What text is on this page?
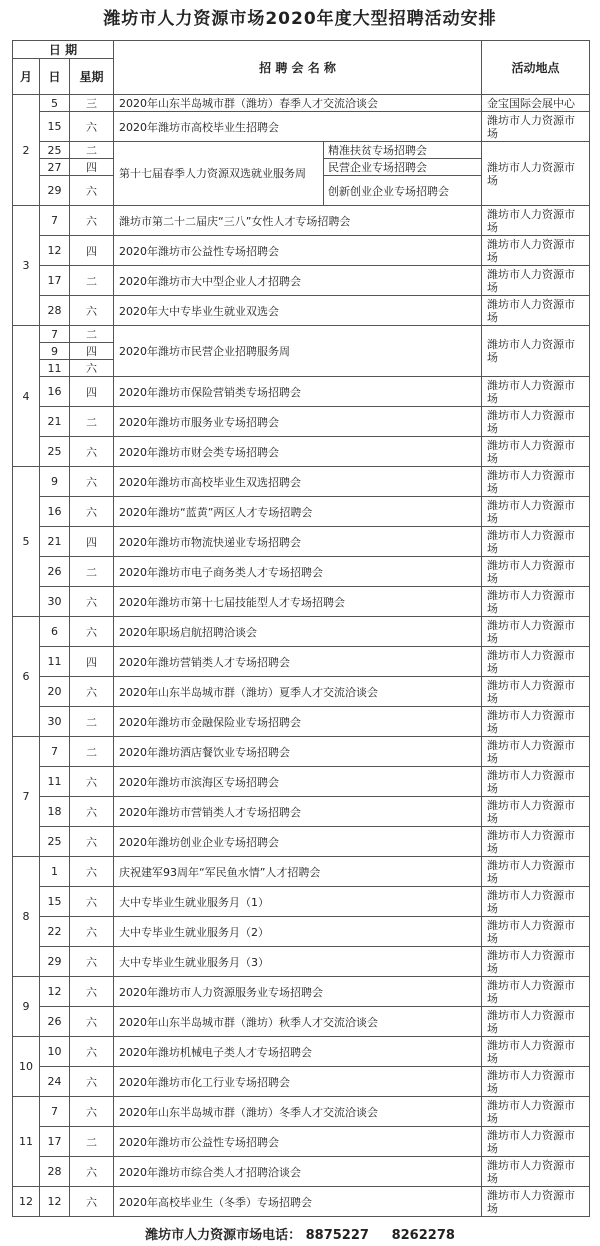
潍坊市人力资源市场2020年度大型招聘活动安排
日 期			招 聘 会 名 称		活动地点
月	日	星期			
2	5	三	2020年山东半岛城市群（潍坊）春季人才交流洽谈会		金宝国际会展中心
	15	六	2020年潍坊市高校毕业生招聘会		潍坊市人力资源市场
	25	二	第十七届春季人力资源双选就业服务周	精准扶贫专场招聘会	潍坊市人力资源市场
	27	四		民营企业专场招聘会	
	29	六		创新创业企业专场招聘会	
3	7	六	潍坊市第二十二届庆“三八”女性人才专场招聘会		潍坊市人力资源市场
	12	四	2020年潍坊市公益性专场招聘会		潍坊市人力资源市场
	17	二	2020年潍坊市大中型企业人才招聘会		潍坊市人力资源市场
	28	六	2020年大中专毕业生就业双选会		潍坊市人力资源市场
4	7	二	2020年潍坊市民营企业招聘服务周		潍坊市人力资源市场
	9	四			
	11	六			
	16	四	2020年潍坊市保险营销类专场招聘会		潍坊市人力资源市场
	21	二	2020年潍坊市服务业专场招聘会		潍坊市人力资源市场
	25	六	2020年潍坊市财会类专场招聘会		潍坊市人力资源市场
5	9	六	2020年潍坊市高校毕业生双选招聘会		潍坊市人力资源市场
	16	六	2020年潍坊“蓝黄”两区人才专场招聘会		潍坊市人力资源市场
	21	四	2020年潍坊市物流快递业专场招聘会		潍坊市人力资源市场
	26	二	2020年潍坊市电子商务类人才专场招聘会		潍坊市人力资源市场
	30	六	2020年潍坊市第十七届技能型人才专场招聘会		潍坊市人力资源市场
6	6	六	2020年职场启航招聘洽谈会		潍坊市人力资源市场
	11	四	2020年潍坊营销类人才专场招聘会		潍坊市人力资源市场
	20	六	2020年山东半岛城市群（潍坊）夏季人才交流洽谈会		潍坊市人力资源市场
	30	二	2020年潍坊市金融保险业专场招聘会		潍坊市人力资源市场
7	7	二	2020年潍坊酒店餐饮业专场招聘会		潍坊市人力资源市场
	11	六	2020年潍坊市滨海区专场招聘会		潍坊市人力资源市场
	18	六	2020年潍坊市营销类人才专场招聘会		潍坊市人力资源市场
	25	六	2020年潍坊创业企业专场招聘会		潍坊市人力资源市场
8	1	六	庆祝建军93周年“军民鱼水情”人才招聘会		潍坊市人力资源市场
	15	六	大中专毕业生就业服务月（1）		潍坊市人力资源市场
	22	六	大中专毕业生就业服务月（2）		潍坊市人力资源市场
	29	六	大中专毕业生就业服务月（3）		潍坊市人力资源市场
9	12	六	2020年潍坊市人力资源服务业专场招聘会		潍坊市人力资源市场
	26	六	2020年山东半岛城市群（潍坊）秋季人才交流洽谈会		潍坊市人力资源市场
10	10	六	2020年潍坊机械电子类人才专场招聘会		潍坊市人力资源市场
	24	六	2020年潍坊市化工行业专场招聘会		潍坊市人力资源市场
11	7	六	2020年山东半岛城市群（潍坊）冬季人才交流洽谈会		潍坊市人力资源市场
	17	二	2020年潍坊市公益性专场招聘会		潍坊市人力资源市场
	28	六	2020年潍坊市综合类人才招聘洽谈会		潍坊市人力资源市场
12	12	六	2020年高校毕业生（冬季）专场招聘会		潍坊市人力资源市场
潍坊市人力资源市场电话： 8875227 8262278
